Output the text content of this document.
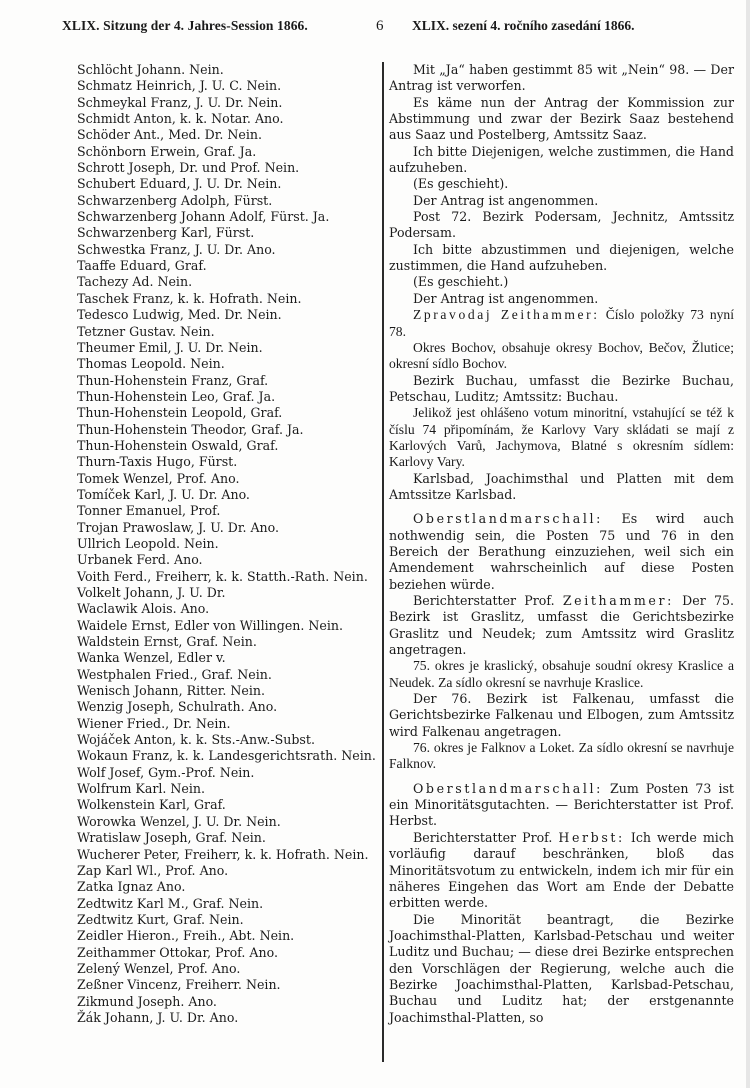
XLIX. Sitzung der 4. Jahres-Session 1866.	6 XLIX. sezení 4. ročního zasedání 1866.
Schlöcht Johann. Nein.
Schmatz Heinrich, J. U. C. Nein.
Schmeykal Franz, J. U. Dr. Nein.
Schmidt Anton, k. k. Notar. Ano.
Schöder Ant., Med. Dr. Nein.
Schönborn Erwein, Graf. Ja.
Schrott Joseph, Dr. und Prof. Nein.
Schubert Eduard, J. U. Dr. Nein.
Schwarzenberg Adolph, Fürst.
Schwarzenberg Johann Adolf, Fürst. Ja.
Schwarzenberg Karl, Fürst.
Schwestka Franz, J. U. Dr. Ano.
Taaffe Eduard, Graf.
Tachezy Ad. Nein.
Taschek Franz, k. k. Hofrath. Nein.
Tedesco Ludwig, Med. Dr. Nein.
Tetzner Gustav. Nein.
Theumer Emil, J. U. Dr. Nein.
Thomas Leopold. Nein.
Thun-Hohenstein Franz, Graf.
Thun-Hohenstein Leo, Graf. Ja.
Thun-Hohenstein Leopold, Graf.
Thun-Hohenstein Theodor, Graf. Ja.
Thun-Hohenstein Oswald, Graf.
Thurn-Taxis Hugo, Fürst.
Tomek Wenzel, Prof. Ano.
Tomíček Karl, J. U. Dr. Ano.
Tonner Emanuel, Prof.
Trojan Prawoslaw, J. U. Dr. Ano.
Ullrich Leopold. Nein.
Urbanek Ferd. Ano.
Voith Ferd., Freiherr, k. k. Statth.-Rath. Nein.
Volkelt Johann, J. U. Dr.
Waclawik Alois. Ano.
Waidele Ernst, Edler von Willingen. Nein.
Waldstein Ernst, Graf. Nein.
Wanka Wenzel, Edler v.
Westphalen Fried., Graf. Nein.
Wenisch Johann, Ritter. Nein.
Wenzig Joseph, Schulrath. Ano.
Wiener Fried., Dr. Nein.
Wojáček Anton, k. k. Sts.-Anw.-Subst.
Wokaun Franz, k. k. Landesgerichtsrath. Nein.
Wolf Josef, Gym.-Prof. Nein.
Wolfrum Karl. Nein.
Wolkenstein Karl, Graf.
Worowka Wenzel, J. U. Dr. Nein.
Wratislaw Joseph, Graf. Nein.
Wucherer Peter, Freiherr, k. k. Hofrath. Nein.
Zap Karl Wl., Prof. Ano.
Zatka Ignaz Ano.
Zedtwitz Karl M., Graf. Nein.
Zedtwitz Kurt, Graf. Nein.
Zeidler Hieron., Freih., Abt. Nein.
Zeithammer Ottokar, Prof. Ano.
Zelený Wenzel, Prof. Ano.
Zeßner Vincenz, Freiherr. Nein.
Zikmund Joseph. Ano.
Žák Johann, J. U. Dr. Ano.

Mit „Ja“ haben gestimmt 85 wit „Nein“ 98. — Der Antrag ist verworfen.

Es käme nun der Antrag der Kommission zur Abstimmung und zwar der Bezirk Saaz bestehend aus Saaz und Postelberg, Amtssitz Saaz.

Ich bitte Diejenigen, welche zustimmen, die Hand aufzuheben.

(Es geschieht).

Der Antrag ist angenommen.

Post 72. Bezirk Podersam, Jechnitz, Amtssitz Podersam.

Ich bitte abzustimmen und diejenigen, welche zustimmen, die Hand aufzuheben.

(Es geschieht.)

Der Antrag ist angenommen.

Zpravodaj Zeithammer: Číslo položky 73 nyní 78.

Okres Bochov, obsahuje okresy Bochov, Bečov, Žlutice; okresní sídlo Bochov.

Bezirk Buchau, umfasst die Bezirke Buchau, Petschau, Luditz; Amtssitz: Buchau.

Jelikož jest ohlášeno votum minoritní, vstahující se též k číslu 74 připomínám, že Karlovy Vary skládati se mají z Karlových Varů, Jachymova, Blatné s okresním sídlem: Karlovy Vary.

Karlsbad, Joachimsthal und Platten mit dem Amtssitze Karlsbad.

Oberstlandmarschall: Es wird auch nothwendig sein, die Posten 75 und 76 in den Bereich der Berathung einzuziehen, weil sich ein Amendement wahrscheinlich auf diese Posten beziehen würde.

Berichterstatter Prof. Zeithammer: Der 75. Bezirk ist Graslitz, umfasst die Gerichtsbezirke Graslitz und Neudek; zum Amtssitz wird Graslitz angetragen.

75. okres je kraslický, obsahuje soudní okresy Kraslice a Neudek. Za sídlo okresní se navrhuje Kraslice.

Der 76. Bezirk ist Falkenau, umfasst die Gerichtsbezirke Falkenau und Elbogen, zum Amtssitz wird Falkenau angetragen.

76. okres je Falknov a Loket. Za sídlo okresní se navrhuje Falknov.

Oberstlandmarschall: Zum Posten 73 ist ein Minoritätsgutachten. — Berichterstatter ist Prof. Herbst.

Berichterstatter Prof. Herbst: Ich werde mich vorläufig darauf beschränken, bloß das Minoritätsvotum zu entwickeln, indem ich mir für ein näheres Eingehen das Wort am Ende der Debatte erbitten werde.

Die Minorität beantragt, die Bezirke Joachimsthal-Platten, Karlsbad-Petschau und weiter Luditz und Buchau; — diese drei Bezirke entsprechen den Vorschlägen der Regierung, welche auch die Bezirke Joachimsthal-Platten, Karlsbad-Petschau, Buchau und Luditz hat; der erstgenannte Joachimsthal-Platten, so
